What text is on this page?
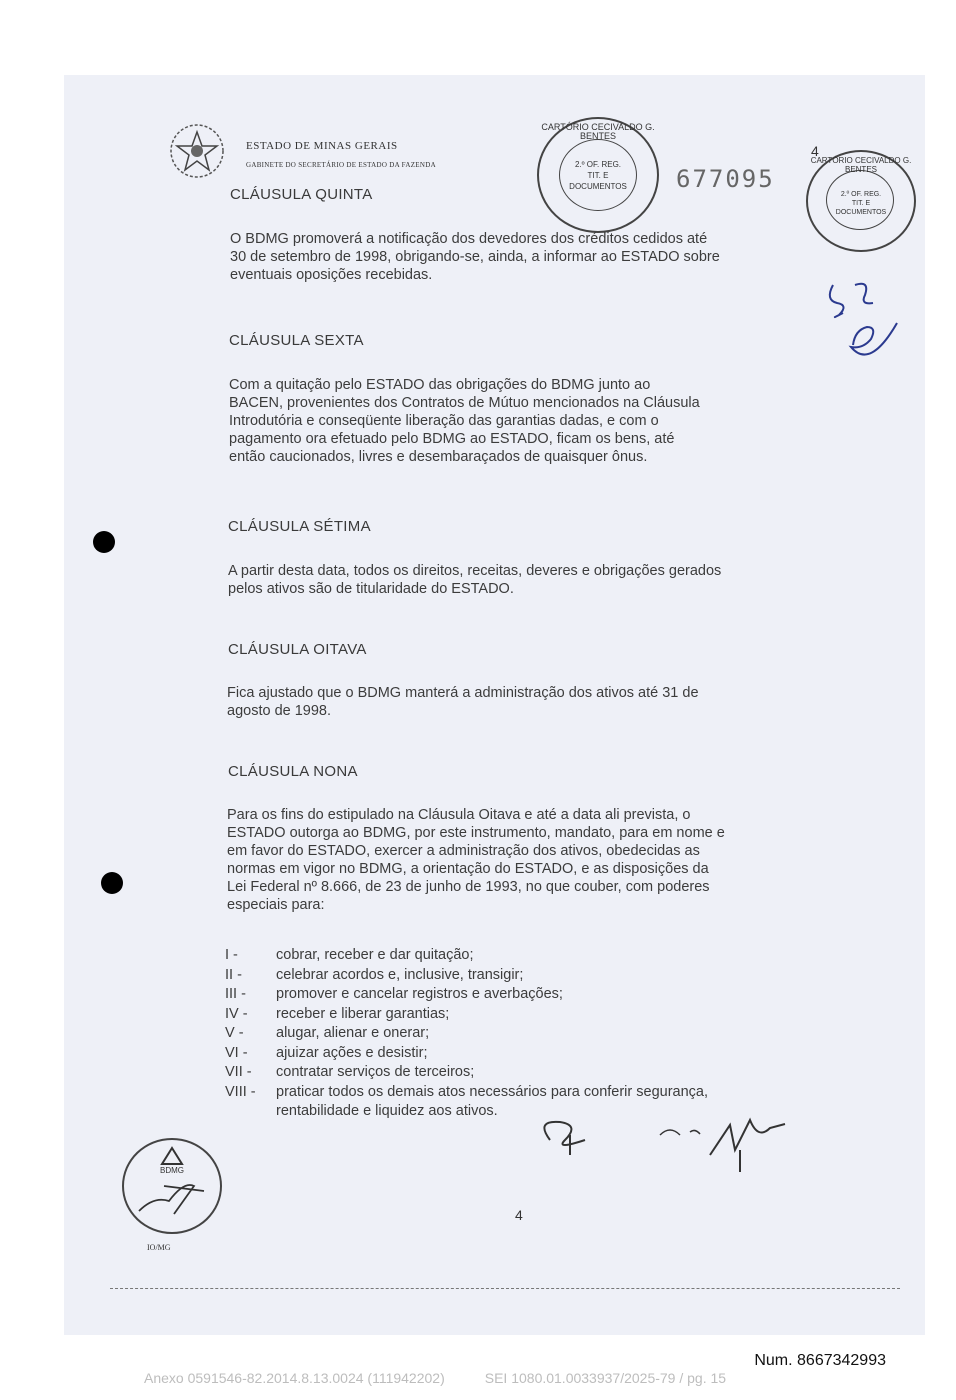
ESTADO DE MINAS GERAIS
GABINETE DO SECRETÁRIO DE ESTADO DA FAZENDA
CARTÓRIO CECIVALDO G. BENTES
2.º OF. REG.
TIT. E
DOCUMENTOS	677095
4
CARTÓRIO CECIVALDO G. BENTES
2.º OF. REG.
TIT. E
DOCUMENTOS
CLÁUSULA QUINTA
O BDMG promoverá a notificação dos devedores dos créditos cedidos até
30 de setembro de 1998, obrigando-se, ainda, a informar ao ESTADO sobre
eventuais oposições recebidas.
CLÁUSULA SEXTA
Com a quitação pelo ESTADO das obrigações do BDMG junto ao
BACEN, provenientes dos Contratos de Mútuo mencionados na Cláusula
Introdutória e conseqüente liberação das garantias dadas, e com o
pagamento ora efetuado pelo BDMG ao ESTADO, ficam os bens, até
então caucionados, livres e desembaraçados de quaisquer ônus.
CLÁUSULA SÉTIMA
A partir desta data, todos os direitos, receitas, deveres e obrigações gerados
pelos ativos são de titularidade do ESTADO.
CLÁUSULA OITAVA
Fica ajustado que o BDMG manterá a administração dos ativos até 31 de
agosto de 1998.
CLÁUSULA NONA
Para os fins do estipulado na Cláusula Oitava e até a data ali prevista, o
ESTADO outorga ao BDMG, por este instrumento, mandato, para em nome e
em favor do ESTADO, exercer a administração dos ativos, obedecidas as
normas em vigor no BDMG, a orientação do ESTADO, e as disposições da
Lei Federal nº 8.666, de 23 de junho de 1993, no que couber, com poderes
especiais para:
I -	cobrar, receber e dar quitação;
II -	celebrar acordos e, inclusive, transigir;
III -	promover e cancelar registros e averbações;
IV -	receber e liberar garantias;
V -	alugar, alienar e onerar;
VI -	ajuizar ações e desistir;
VII -	contratar serviços de terceiros;
VIII -	praticar todos os demais atos necessários para conferir segurança,
rentabilidade e liquidez aos ativos.
BDMG
IO/MG
4
Num. 8667342993
Anexo 0591546-82.2014.8.13.0024 (111942202)	SEI 1080.01.0033937/2025-79 / pg. 15
